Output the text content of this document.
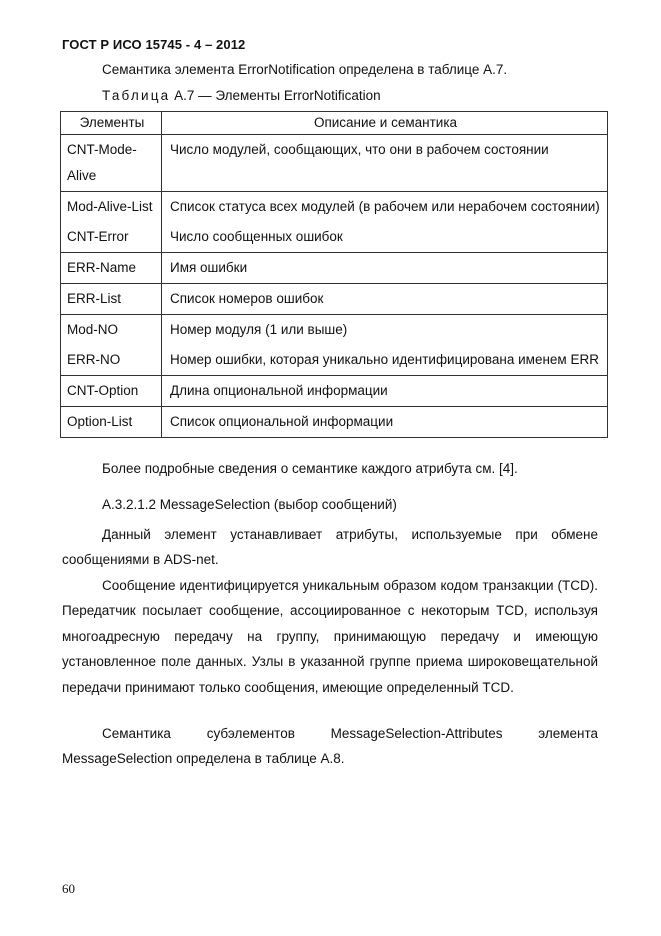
ГОСТ Р ИСО 15745 - 4 – 2012
Семантика элемента ErrorNotification определена в таблице А.7.
Таблица А.7 — Элементы ErrorNotification
Элементы	Описание и семантика
CNT-Mode-Alive	Число модулей, сообщающих, что они в рабочем состоянии
Mod-Alive-List	Список статуса всех модулей (в рабочем или нерабочем состоянии)
CNT-Error	Число сообщенных ошибок
ERR-Name	Имя ошибки
ERR-List	Список номеров ошибок
Mod-NO	Номер модуля (1 или выше)
ERR-NO	Номер ошибки, которая уникально идентифицирована именем ERR
CNT-Option	Длина опциональной информации
Option-List	Список опциональной информации
Более подробные сведения о семантике каждого атрибута см. [4].
А.3.2.1.2 MessageSelection (выбор сообщений)
Данный элемент устанавливает атрибуты, используемые при обмене сообщениями в ADS-net.
Сообщение идентифицируется уникальным образом кодом транзакции (TCD). Передатчик посылает сообщение, ассоциированное с некоторым TCD, используя многоадресную передачу на группу, принимающую передачу и имеющую установленное поле данных. Узлы в указанной группе приема широковещательной передачи принимают только сообщения, имеющие определенный TCD.
Семантика субэлементов MessageSelection-Attributes элемента MessageSelection определена в таблице А.8.
60
